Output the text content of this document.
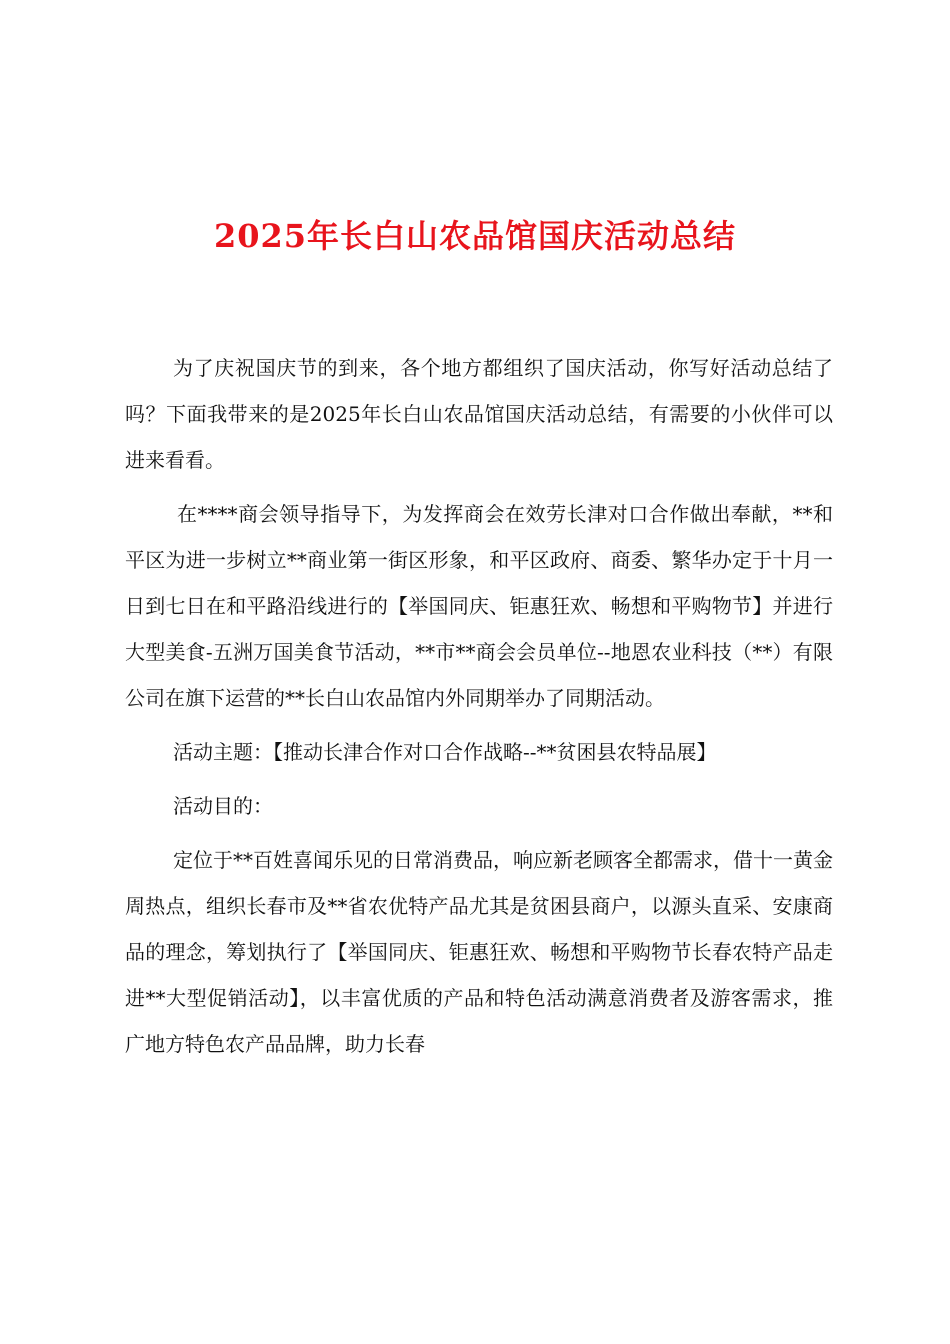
2025年长白山农品馆国庆活动总结

为了庆祝国庆节的到来，各个地方都组织了国庆活动，你写好活动总结了吗？下面我带来的是2025年长白山农品馆国庆活动总结，有需要的小伙伴可以进来看看。

在****商会领导指导下，为发挥商会在效劳长津对口合作做出奉献，**和平区为进一步树立**商业第一街区形象，和平区政府、商委、繁华办定于十月一日到七日在和平路沿线进行的【举国同庆、钜惠狂欢、畅想和平购物节】并进行大型美食-五洲万国美食节活动，**市**商会会员单位--地恩农业科技（**）有限公司在旗下运营的**长白山农品馆内外同期举办了同期活动。

活动主题：【推动长津合作对口合作战略--**贫困县农特品展】

活动目的：

定位于**百姓喜闻乐见的日常消费品，响应新老顾客全都需求，借十一黄金周热点，组织长春市及**省农优特产品尤其是贫困县商户，以源头直采、安康商品的理念，筹划执行了【举国同庆、钜惠狂欢、畅想和平购物节长春农特产品走进**大型促销活动】，以丰富优质的产品和特色活动满意消费者及游客需求，推广地方特色农产品品牌，助力长春
